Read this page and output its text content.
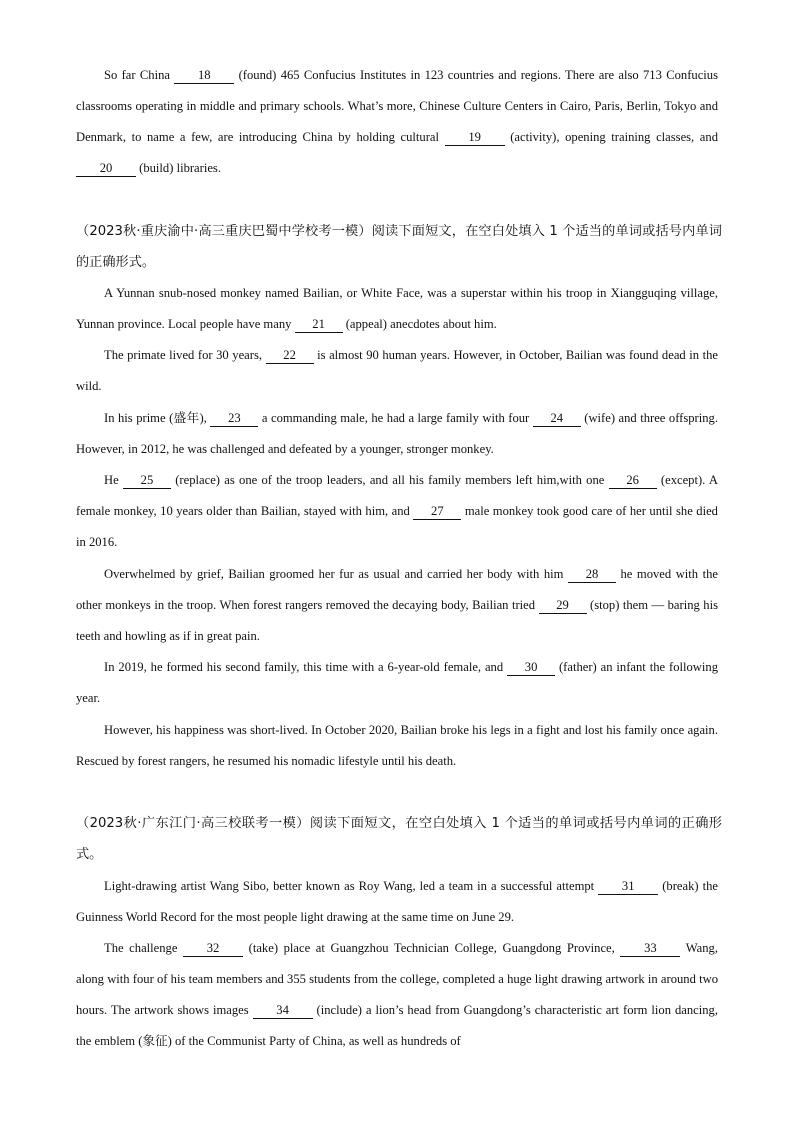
So far China 18 (found) 465 Confucius Institutes in 123 countries and regions. There are also 713 Confucius classrooms operating in middle and primary schools. What’s more, Chinese Culture Centers in Cairo, Paris, Berlin, Tokyo and Denmark, to name a few, are introducing China by holding cultural 19 (activity), opening training classes, and 20 (build) libraries.

（2023秋·重庆渝中·高三重庆巴蜀中学校考一模）阅读下面短文，在空白处填入 1 个适当的单词或括号内单词的正确形式。

A Yunnan snub-nosed monkey named Bailian, or White Face, was a superstar within his troop in Xiangguqing village, Yunnan province. Local people have many 21 (appeal) anecdotes about him.

The primate lived for 30 years, 22 is almost 90 human years. However, in October, Bailian was found dead in the wild.

In his prime (盛年), 23 a commanding male, he had a large family with four 24 (wife) and three offspring. However, in 2012, he was challenged and defeated by a younger, stronger monkey.

He 25 (replace) as one of the troop leaders, and all his family members left him,with one 26 (except). A female monkey, 10 years older than Bailian, stayed with him, and 27 male monkey took good care of her until she died in 2016.

Overwhelmed by grief, Bailian groomed her fur as usual and carried her body with him 28 he moved with the other monkeys in the troop. When forest rangers removed the decaying body, Bailian tried 29 (stop) them — baring his teeth and howling as if in great pain.

In 2019, he formed his second family, this time with a 6-year-old female, and 30 (father) an infant the following year.

However, his happiness was short-lived. In October 2020, Bailian broke his legs in a fight and lost his family once again. Rescued by forest rangers, he resumed his nomadic lifestyle until his death.

（2023秋·广东江门·高三校联考一模）阅读下面短文，在空白处填入 1 个适当的单词或括号内单词的正确形式。

Light-drawing artist Wang Sibo, better known as Roy Wang, led a team in a successful attempt 31 (break) the Guinness World Record for the most people light drawing at the same time on June 29.

The challenge 32 (take) place at Guangzhou Technician College, Guangdong Province, 33 Wang, along with four of his team members and 355 students from the college, completed a huge light drawing artwork in around two hours. The artwork shows images 34 (include) a lion’s head from Guangdong’s characteristic art form lion dancing, the emblem (象征) of the Communist Party of China, as well as hundreds of
